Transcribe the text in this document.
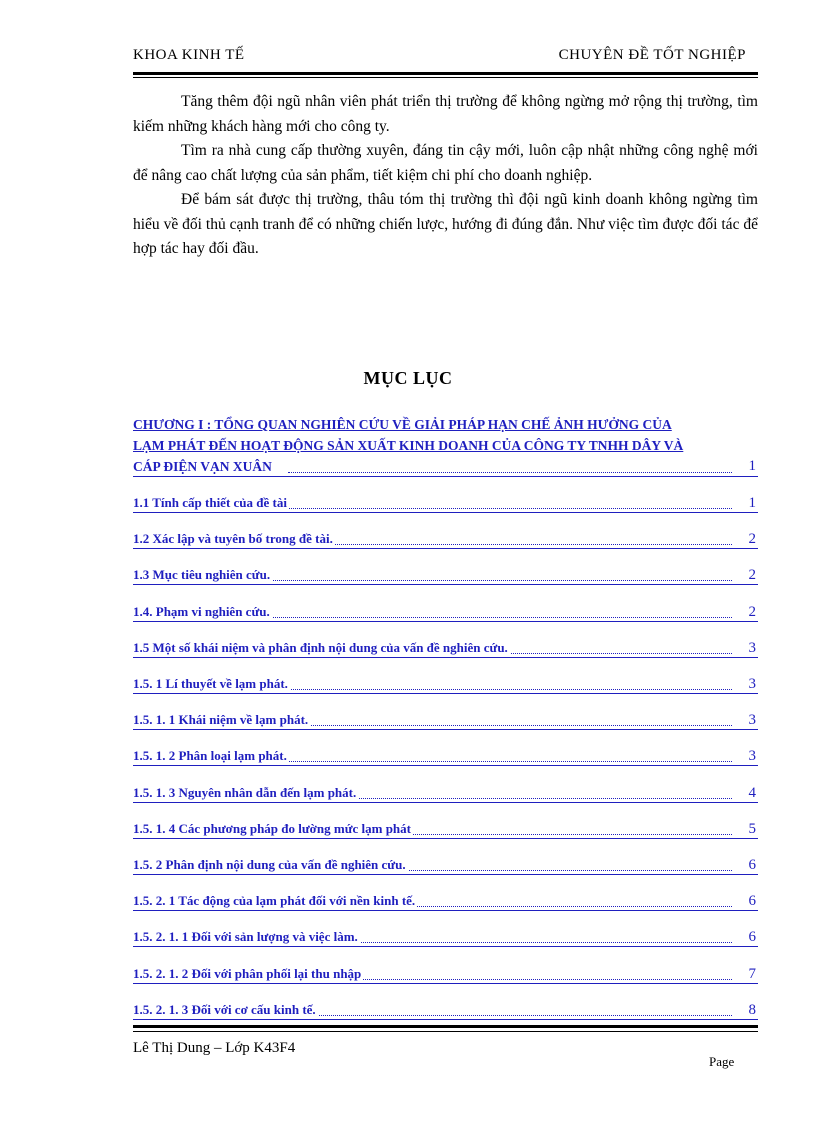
KHOA KINH TẾ	CHUYÊN ĐỀ TỐT NGHIỆP

Tăng thêm đội ngũ nhân viên phát triển thị trường để không ngừng mở rộng thị trường, tìm kiếm những khách hàng mới cho công ty.

Tìm ra nhà cung cấp thường xuyên, đáng tin cậy mới, luôn cập nhật những công nghệ mới để nâng cao chất lượng của sản phẩm, tiết kiệm chi phí cho doanh nghiệp.

Để bám sát được thị trường, thâu tóm thị trường thì đội ngũ kinh doanh không ngừng tìm hiểu về đối thủ cạnh tranh để có những chiến lược, hướng đi đúng đắn. Như việc tìm được đối tác để hợp tác hay đối đầu.

MỤC LỤC
CHƯƠNG I : TỔNG QUAN NGHIÊN CỨU VỀ GIẢI PHÁP HẠN CHẾ ẢNH HƯỞNG CỦA
LẠM PHÁT ĐẾN HOẠT ĐỘNG SẢN XUẤT KINH DOANH CỦA CÔNG TY TNHH DÂY VÀ
CÁP ĐIỆN VẠN XUÂN	1
1.1 Tính cấp thiết của đề tài	1
1.2 Xác lập và tuyên bố trong đề tài.	2
1.3 Mục tiêu nghiên cứu.	2
1.4. Phạm vi nghiên cứu.	2
1.5 Một số khái niệm và phân định nội dung của vấn đề nghiên cứu.	3
1.5. 1 Lí thuyết về lạm phát.	3
1.5. 1. 1 Khái niệm về lạm phát.	3
1.5. 1. 2 Phân loại lạm phát.	3
1.5. 1. 3 Nguyên nhân dẫn đến lạm phát.	4
1.5. 1. 4 Các phương pháp đo lường mức lạm phát	5
1.5. 2 Phân định nội dung của vấn đề nghiên cứu.	6
1.5. 2. 1 Tác động của lạm phát đối với nền kinh tế.	6
1.5. 2. 1. 1 Đối với sản lượng và việc làm.	6
1.5. 2. 1. 2 Đối với phân phối lại thu nhập	7
1.5. 2. 1. 3 Đối với cơ cấu kinh tế.	8
Lê Thị Dung – Lớp K43F4
Page
